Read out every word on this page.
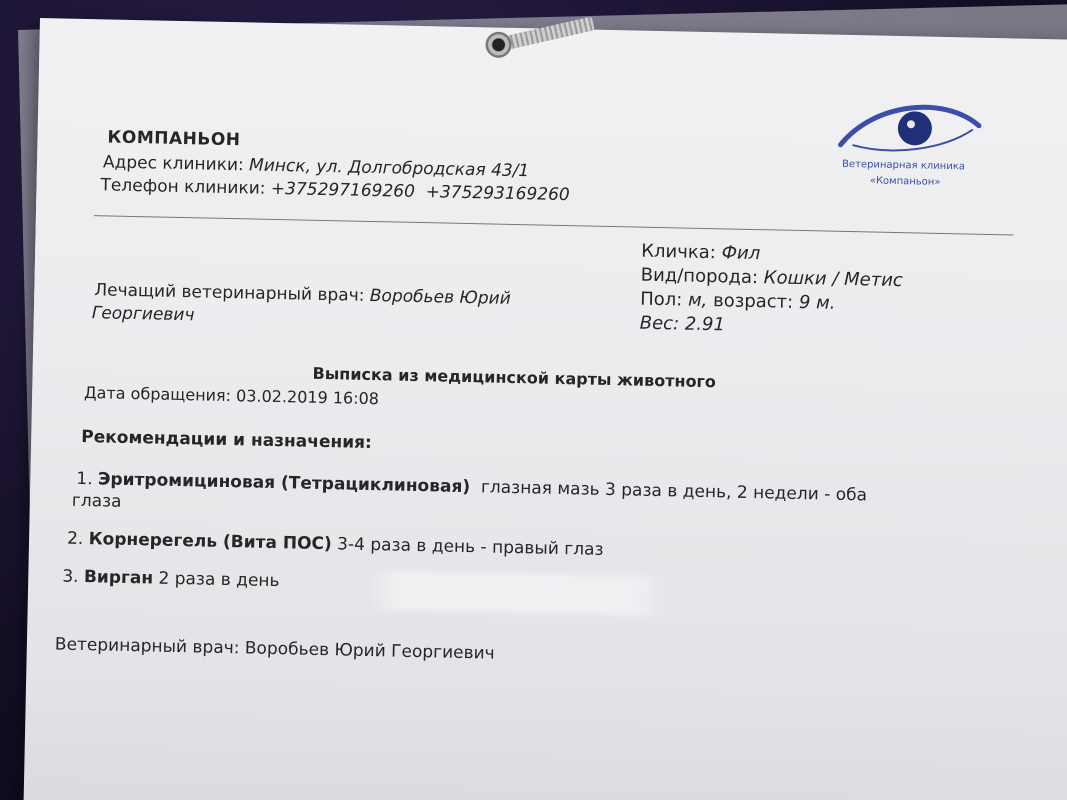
КОМПАНЬОН
Адрес клиники: Минск, ул. Долгобродская 43/1
Телефон клиники: +375297169260  +375293169260
Ветеринарная клиника
«Компаньон»
Кличка: Фил
Вид/порода: Кошки / Метис
Пол: м, возраст: 9 м.
Вес: 2.91
Лечащий ветеринарный врач: Воробьев Юрий
Георгиевич
Выписка из медицинской карты животного
Дата обращения: 03.02.2019 16:08
Рекомендации и назначения:
1. Эритромициновая (Тетрациклиновая) глазная мазь 3 раза в день, 2 недели - оба
глаза
2. Корнерегель (Вита ПОС) 3-4 раза в день - правый глаз
3. Вирган 2 раза в день
Ветеринарный врач: Воробьев Юрий Георгиевич
